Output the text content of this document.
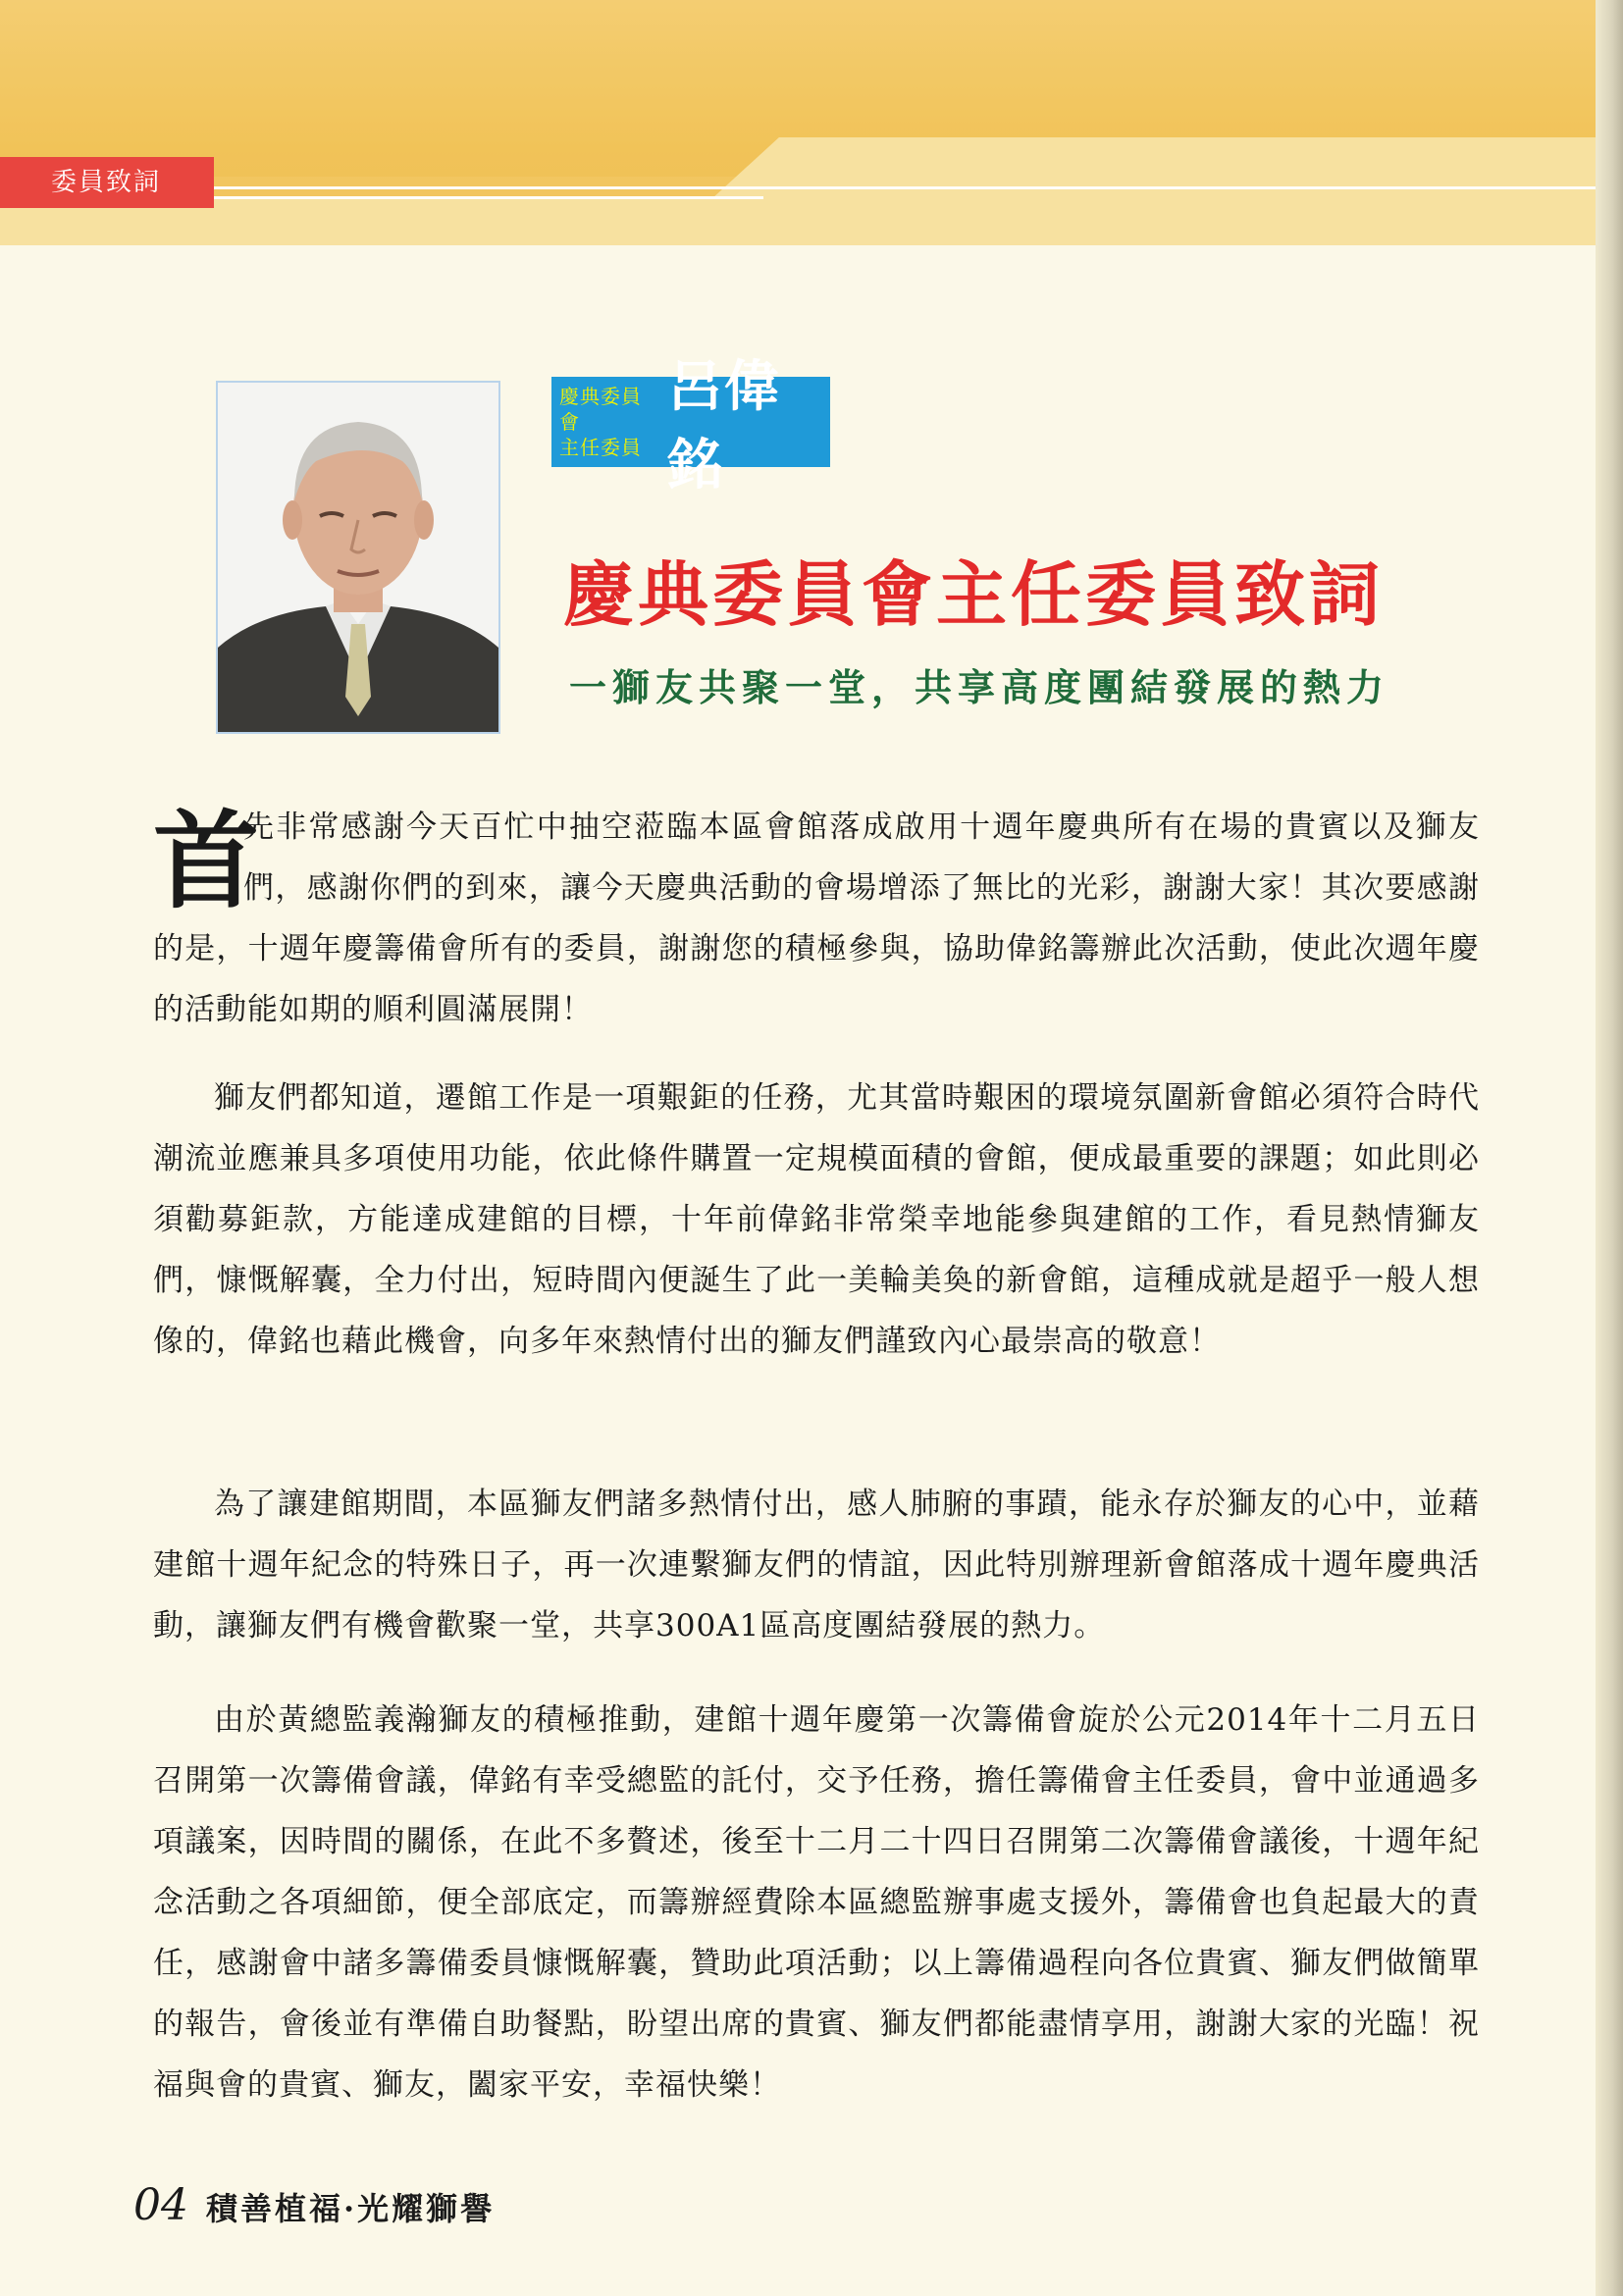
委員致詞
慶典委員會
主任委員
呂偉銘
慶典委員會主任委員致詞
一獅友共聚一堂，共享高度團結發展的熱力
首
先非常感謝今天百忙中抽空蒞臨本區會館落成啟用十週年慶典所有在場的貴賓以及獅友們，感謝你們的到來，讓今天慶典活動的會場增添了無比的光彩，謝謝大家！其次要感謝的是，十週年慶籌備會所有的委員，謝謝您的積極參與，協助偉銘籌辦此次活動，使此次週年慶的活動能如期的順利圓滿展開！
獅友們都知道，遷館工作是一項艱鉅的任務，尤其當時艱困的環境氛圍新會館必須符合時代潮流並應兼具多項使用功能，依此條件購置一定規模面積的會館，便成最重要的課題；如此則必須勸募鉅款，方能達成建館的目標，十年前偉銘非常榮幸地能參與建館的工作，看見熱情獅友們，慷慨解囊，全力付出，短時間內便誕生了此一美輪美奐的新會館，這種成就是超乎一般人想像的，偉銘也藉此機會，向多年來熱情付出的獅友們謹致內心最崇高的敬意！
為了讓建館期間，本區獅友們諸多熱情付出，感人肺腑的事蹟，能永存於獅友的心中，並藉建館十週年紀念的特殊日子，再一次連繫獅友們的情誼，因此特別辦理新會館落成十週年慶典活動，讓獅友們有機會歡聚一堂，共享300A1區高度團結發展的熱力。
由於黃總監義瀚獅友的積極推動，建館十週年慶第一次籌備會旋於公元2014年十二月五日召開第一次籌備會議，偉銘有幸受總監的託付，交予任務，擔任籌備會主任委員，會中並通過多項議案，因時間的關係，在此不多贅述，後至十二月二十四日召開第二次籌備會議後，十週年紀念活動之各項細節，便全部底定，而籌辦經費除本區總監辦事處支援外，籌備會也負起最大的責任，感謝會中諸多籌備委員慷慨解囊，贊助此項活動；以上籌備過程向各位貴賓、獅友們做簡單的報告，會後並有準備自助餐點，盼望出席的貴賓、獅友們都能盡情享用，謝謝大家的光臨！祝福與會的貴賓、獅友，闔家平安，幸福快樂！
04 積善植福·光耀獅譽
